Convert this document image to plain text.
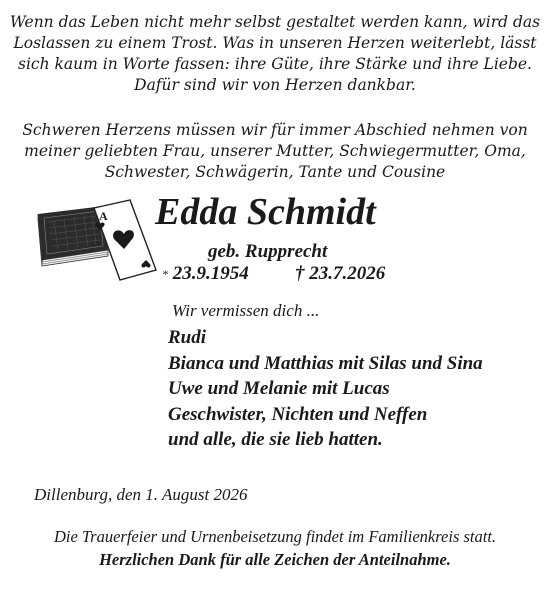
Wenn das Leben nicht mehr selbst gestaltet werden kann, wird das
Loslassen zu einem Trost. Was in unseren Herzen weiterlebt, lässt
sich kaum in Worte fassen: ihre Güte, ihre Stärke und ihre Liebe.
Dafür sind wir von Herzen dankbar.
Schweren Herzens müssen wir für immer Abschied nehmen von
meiner geliebten Frau, unserer Mutter, Schwiegermutter, Oma,
Schwester, Schwägerin, Tante und Cousine
A Edda Schmidt
geb. Rupprecht
* 23.9.1954 † 23.7.2026
Wir vermissen dich ...
Rudi
Bianca und Matthias mit Silas und Sina
Uwe und Melanie mit Lucas
Geschwister, Nichten und Neffen
und alle, die sie lieb hatten.
Dillenburg, den 1. August 2026
Die Trauerfeier und Urnenbeisetzung findet im Familienkreis statt.
Herzlichen Dank für alle Zeichen der Anteilnahme.
